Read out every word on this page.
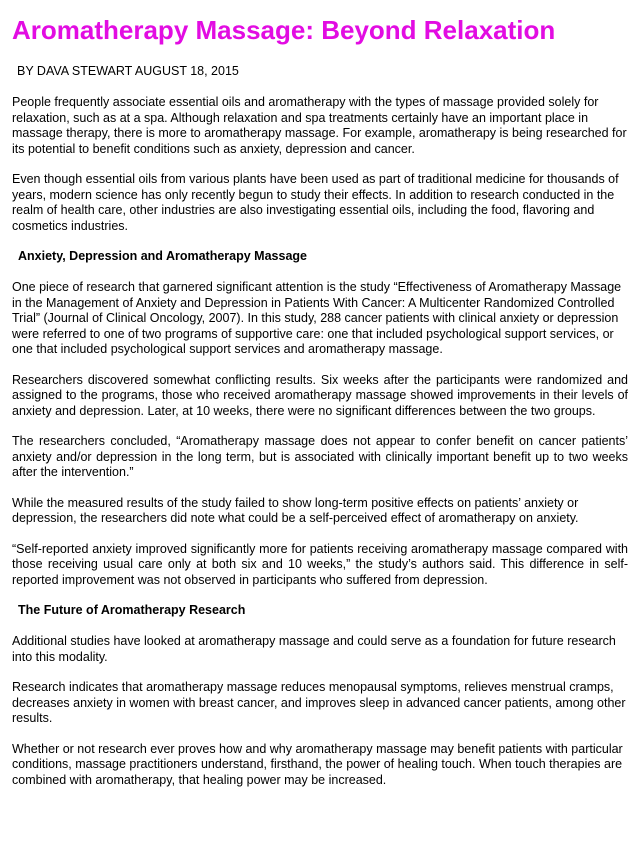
Aromatherapy Massage: Beyond Relaxation
BY DAVA STEWART AUGUST 18, 2015

People frequently associate essential oils and aromatherapy with the types of massage provided solely for relaxation, such as at a spa. Although relaxation and spa treatments certainly have an important place in massage therapy, there is more to aromatherapy massage. For example, aromatherapy is being researched for its potential to benefit conditions such as anxiety, depression and cancer.

Even though essential oils from various plants have been used as part of traditional medicine for thousands of years, modern science has only recently begun to study their effects. In addition to research conducted in the realm of health care, other industries are also investigating essential oils, including the food, flavoring and cosmetics industries.

Anxiety, Depression and Aromatherapy Massage

One piece of research that garnered significant attention is the study “Effectiveness of Aromatherapy Massage in the Management of Anxiety and Depression in Patients With Cancer: A Multicenter Randomized Controlled Trial” (Journal of Clinical Oncology, 2007). In this study, 288 cancer patients with clinical anxiety or depression were referred to one of two programs of supportive care: one that included psychological support services, or one that included psychological support services and aromatherapy massage.

Researchers discovered somewhat conflicting results. Six weeks after the participants were randomized and assigned to the programs, those who received aromatherapy massage showed improvements in their levels of anxiety and depression. Later, at 10 weeks, there were no significant differences between the two groups.

The researchers concluded, “Aromatherapy massage does not appear to confer benefit on cancer patients’ anxiety and/or depression in the long term, but is associated with clinically important benefit up to two weeks after the intervention.”

While the measured results of the study failed to show long-term positive effects on patients’ anxiety or depression, the researchers did note what could be a self-perceived effect of aromatherapy on anxiety.

“Self-reported anxiety improved significantly more for patients receiving aromatherapy massage compared with those receiving usual care only at both six and 10 weeks,” the study’s authors said. This difference in self-reported improvement was not observed in participants who suffered from depression.

The Future of Aromatherapy Research

Additional studies have looked at aromatherapy massage and could serve as a foundation for future research into this modality.

Research indicates that aromatherapy massage reduces menopausal symptoms, relieves menstrual cramps, decreases anxiety in women with breast cancer, and improves sleep in advanced cancer patients, among other results.

Whether or not research ever proves how and why aromatherapy massage may benefit patients with particular conditions, massage practitioners understand, firsthand, the power of healing touch. When touch therapies are combined with aromatherapy, that healing power may be increased.
